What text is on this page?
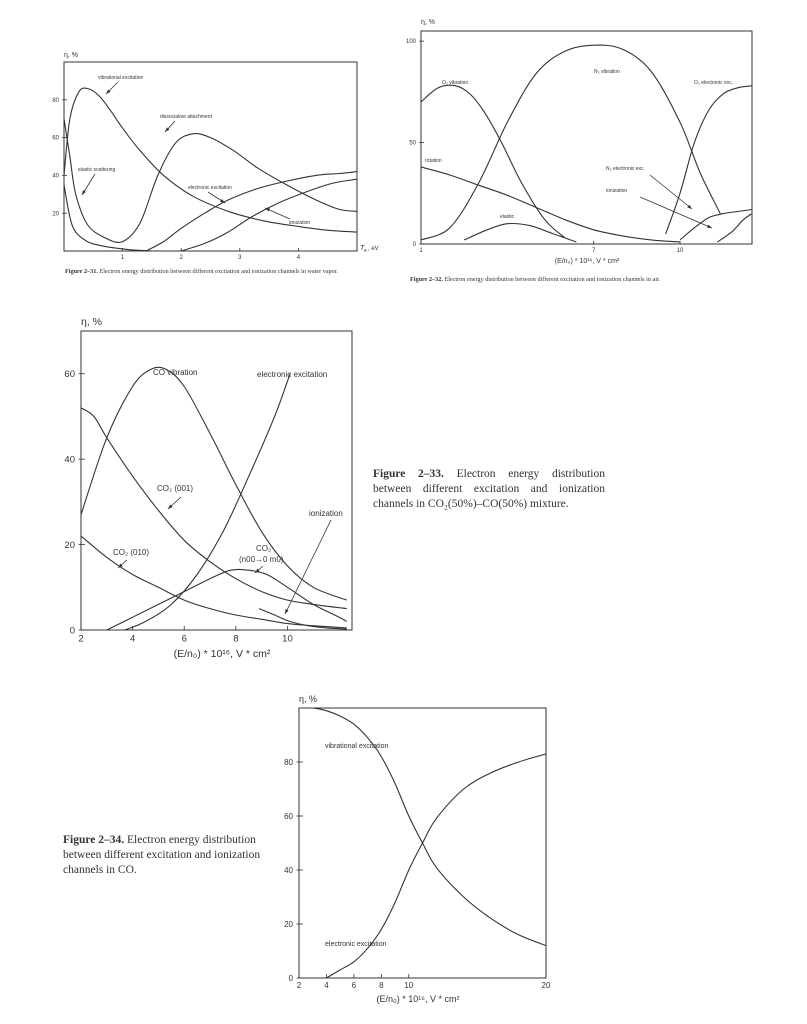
1	2	3	4
20
40
60
80
η, %
T e , eV
vibrational excitation
dissociative attachment
elastic scattering
electronic excitation
ionization
1	7	10
0
50
100
η, %
(E/n₀) * 10¹⁶, V * cm²
O₂ vibration
N₂ vibration
O₂ electronic exc.
rotation
N₂ electronic exc.
ionization
elastic
2	4	6	8	10
0
20
40
60
η, %
(E/n₀) * 10¹⁶, V * cm²
CO vibration	electronic excitation
CO₂ (001)
ionization
CO₂ (010)	CO₂
(n00→0 m0)
2	4	6	8	10	20
0
20
40
60
80
η, %
(E/n₀) * 10¹⁶, V * cm²
vibrational excitation
electronic excitation
Figure 2–31. Electron energy distribution between different excitation and ionization channels in water vapor.
Figure 2–32. Electron energy distribution between different excitation and ionization channels in air.
Figure 2–33. Electron energy distribution between different excitation and ionization channels in CO₂(50%)–CO(50%) mixture.
Figure 2–34. Electron energy distribution between different excitation and ionization channels in CO.
